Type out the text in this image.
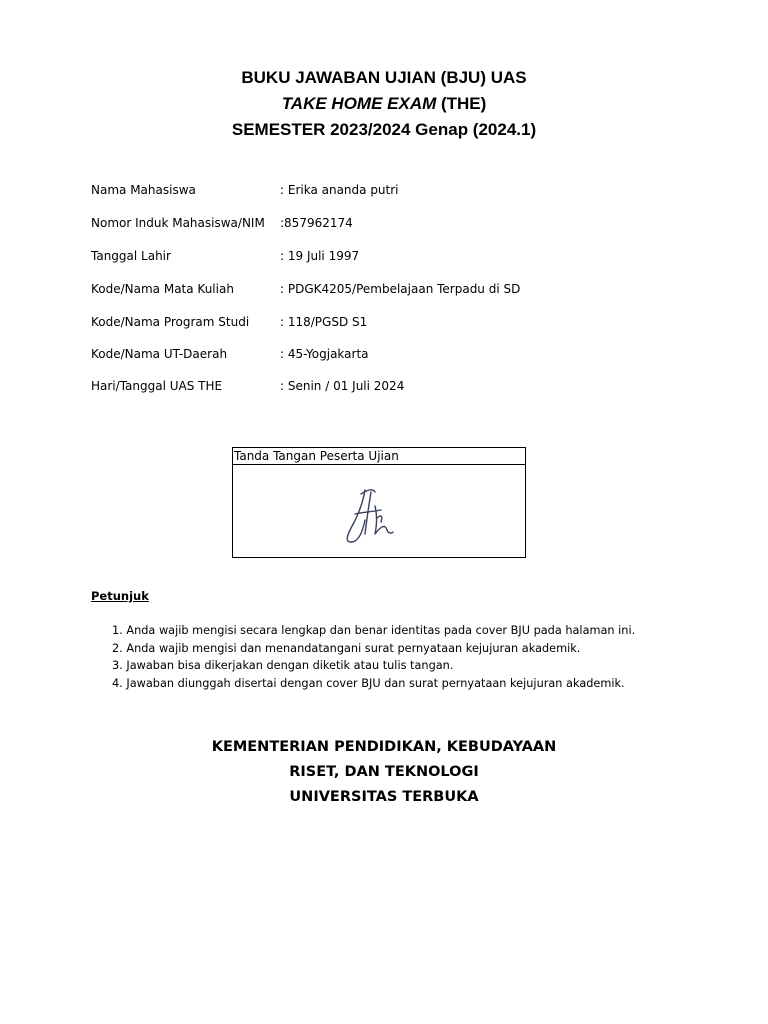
BUKU JAWABAN UJIAN (BJU) UAS
TAKE HOME EXAM (THE)
SEMESTER 2023/2024 Genap (2024.1)
Nama Mahasiswa	: Erika ananda putri
Nomor Induk Mahasiswa/NIM :857962174
Tanggal Lahir	: 19 Juli 1997
Kode/Nama Mata Kuliah	: PDGK4205/Pembelajaan Terpadu di SD
Kode/Nama Program Studi	: 118/PGSD S1
Kode/Nama UT-Daerah	: 45-Yogjakarta
Hari/Tanggal UAS THE	: Senin / 01 Juli 2024
Tanda Tangan Peserta Ujian
Petunjuk
1. Anda wajib mengisi secara lengkap dan benar identitas pada cover BJU pada halaman ini.
2. Anda wajib mengisi dan menandatangani surat pernyataan kejujuran akademik.
3. Jawaban bisa dikerjakan dengan diketik atau tulis tangan.
4. Jawaban diunggah disertai dengan cover BJU dan surat pernyataan kejujuran akademik.
KEMENTERIAN PENDIDIKAN, KEBUDAYAAN
RISET, DAN TEKNOLOGI
UNIVERSITAS TERBUKA
